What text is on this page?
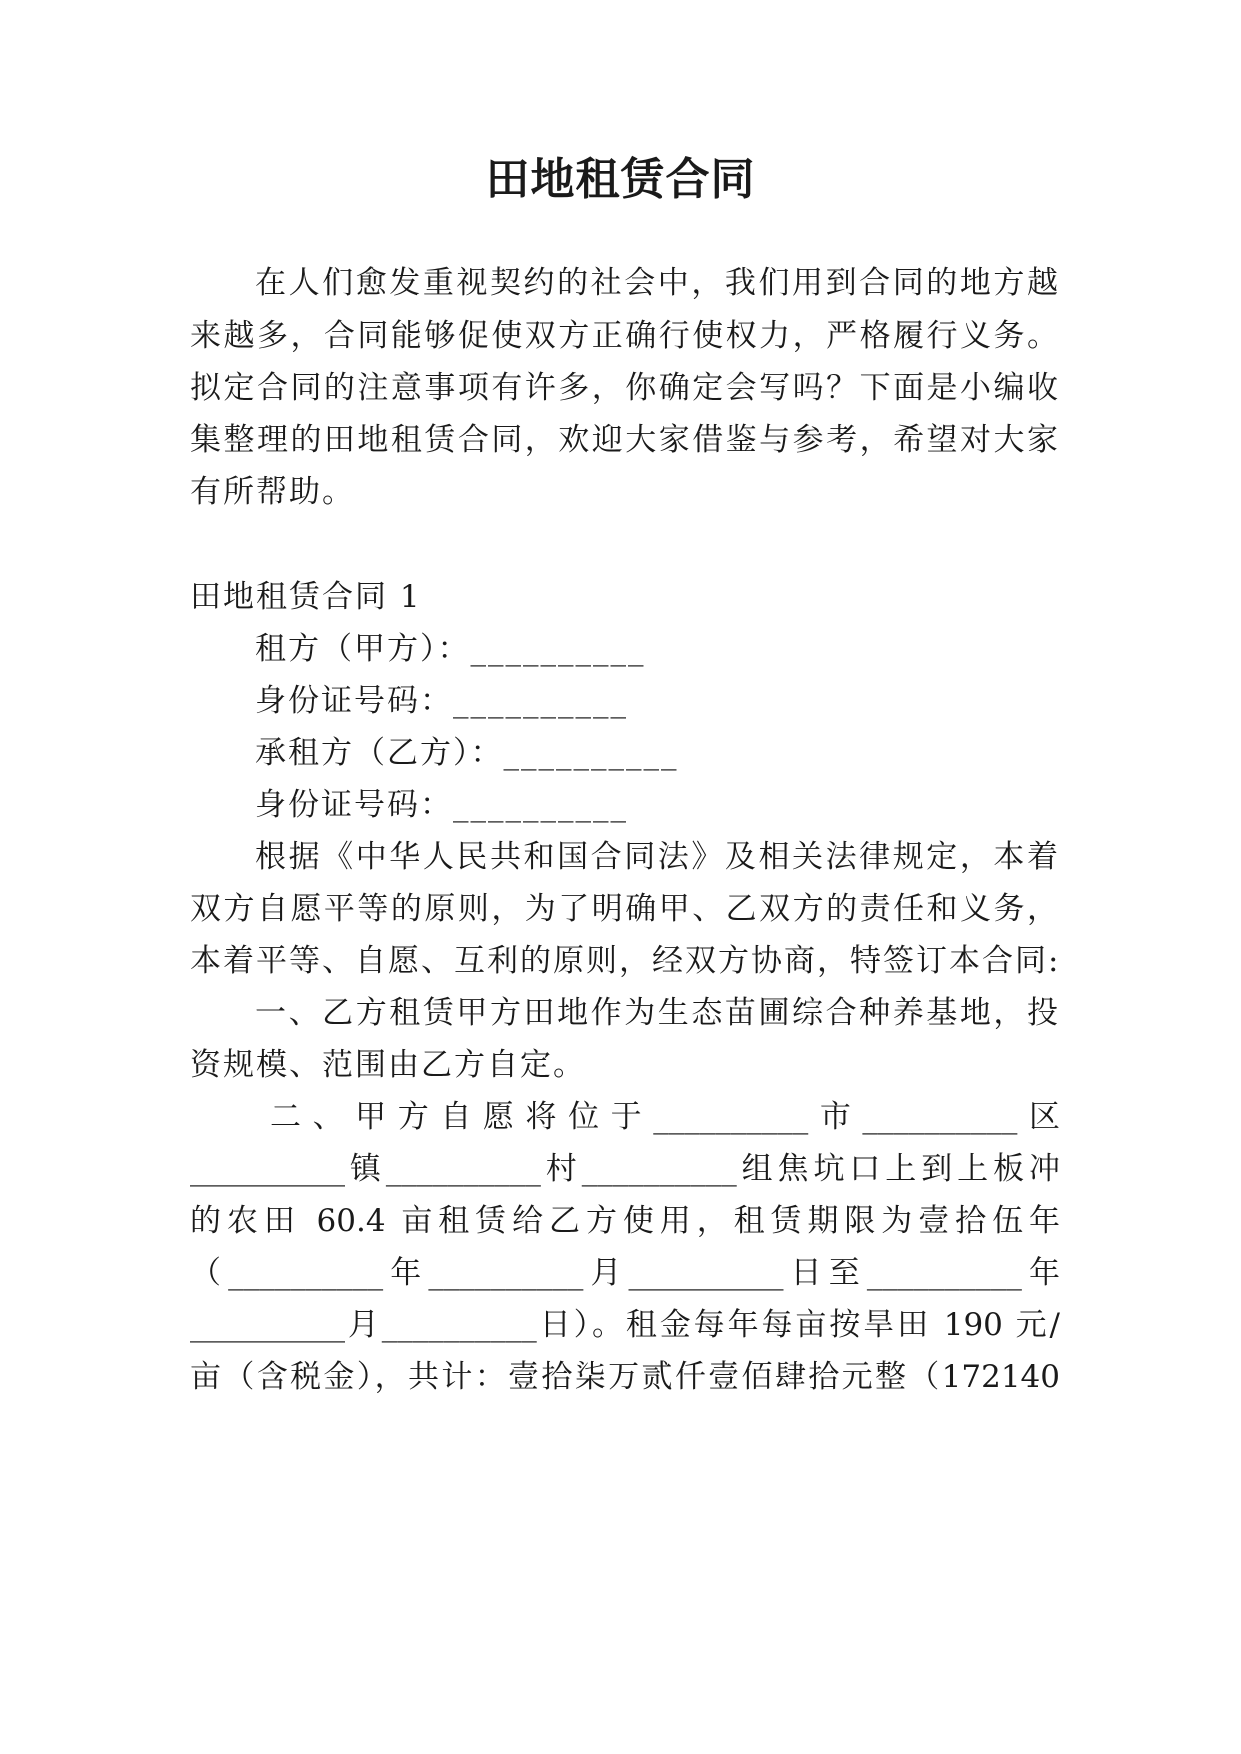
田地租赁合同

在人们愈发重视契约的社会中，我们用到合同的地方越

来越多，合同能够促使双方正确行使权力，严格履行义务。

拟定合同的注意事项有许多，你确定会写吗？下面是小编收

集整理的田地租赁合同，欢迎大家借鉴与参考，希望对大家

有所帮助。

田地租赁合同 1

租方（甲方）：__________

身份证号码：__________

承租方（乙方）：__________

身份证号码：__________

根据《中华人民共和国合同法》及相关法律规定，本着

双方自愿平等的原则，为了明确甲、乙双方的责任和义务，

本着平等、自愿、互利的原则，经双方协商，特签订本合同:

一、乙方租赁甲方田地作为生态苗圃综合种养基地，投

资规模、范围由乙方自定。

二、甲方自愿将位于__________市__________区

__________镇__________村__________组焦坑口上到上板冲

的农田 60.4 亩租赁给乙方使用，租赁期限为壹拾伍年

（__________年__________月__________日至__________年

__________月__________日）。租金每年每亩按旱田 190 元/

亩（含税金），共计：壹拾柒万贰仟壹佰肆拾元整（172140
